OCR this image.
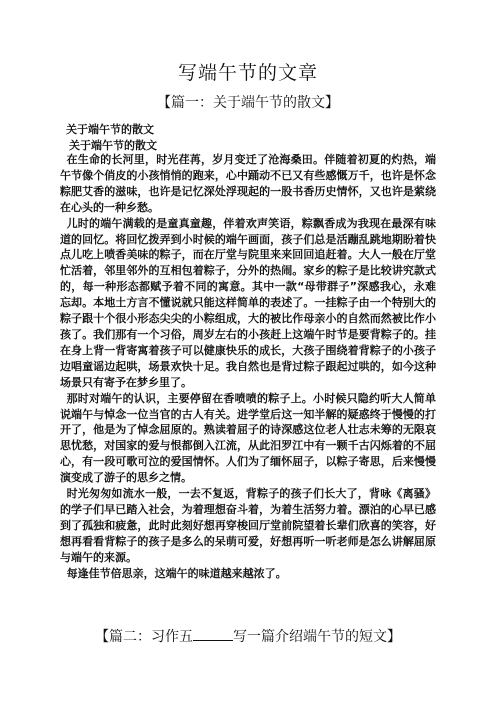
写端午节的文章
【篇一：关于端午节的散文】
关于端午节的散文
关于端午节的散文

在生命的长河里，时光荏苒，岁月变迁了沧海桑田。伴随着初夏的灼热，端午节像个俏皮的小孩悄悄的跑来，心中踊动不已又有些感慨万千，也许是怀念粽肥艾香的滋味，也许是记忆深处浮现起的一股书香历史情怀，又也许是萦绕在心头的一种乡愁。

儿时的端午满载的是童真童趣，伴着欢声笑语，粽飘香成为我现在最深有味道的回忆。将回忆拨弄到小时候的端午画面，孩子们总是活蹦乱跳地期盼着快点儿吃上喷香美味的粽子，而在厅堂与院里来来回回追赶着。大人一般在厅堂忙活着，邻里邻外的互相包着粽子，分外的热闹。家乡的粽子是比较讲究款式的，每一种形态都赋予着不同的寓意。其中一款“母带群子”深感我心，永难忘却。本地土方言不懂说就只能这样简单的表述了。一挂粽子由一个特别大的粽子跟十个很小形态尖尖的小粽组成，大的被比作母亲小的自然而然被比作小孩了。我们那有一个习俗，周岁左右的小孩赶上这端午时节是要背粽子的。挂在身上背一背寄寓着孩子可以健康快乐的成长，大孩子围绕着背粽子的小孩子边唱童谣边起哄，场景欢快十足。我自然也是背过粽子跟起过哄的，如今这种场景只有寄予在梦乡里了。

那时对端午的认识，主要停留在香喷喷的粽子上。小时候只隐约听大人简单说端午与悼念一位当官的古人有关。进学堂后这一知半解的疑惑终于慢慢的打开了，他是为了悼念屈原的。熟读着屈子的诗深感这位老人壮志未筹的无限哀思忧愁，对国家的爱与恨都倒入江流，从此汨罗江中有一颗千古闪烁着的不屈心，有一段可歌可泣的爱国情怀。人们为了缅怀屈子，以粽子寄思，后来慢慢演变成了游子的思乡之情。

时光匆匆如流水一般，一去不复返，背粽子的孩子们长大了，背咏《离骚》的学子们早已踏入社会，为着理想奋斗着，为着生活努力着。漂泊的心早已感到了孤独和疲惫，此时此刻好想再穿梭回厅堂前院望着长辈们欣喜的笑容，好想再看看背粽子的孩子是多么的呆萌可爱，好想再听一听老师是怎么讲解屈原与端午的来源。

每逢佳节倍思亲，这端午的味道越来越浓了。

【篇二：习作五	写一篇介绍端午节的短文】
